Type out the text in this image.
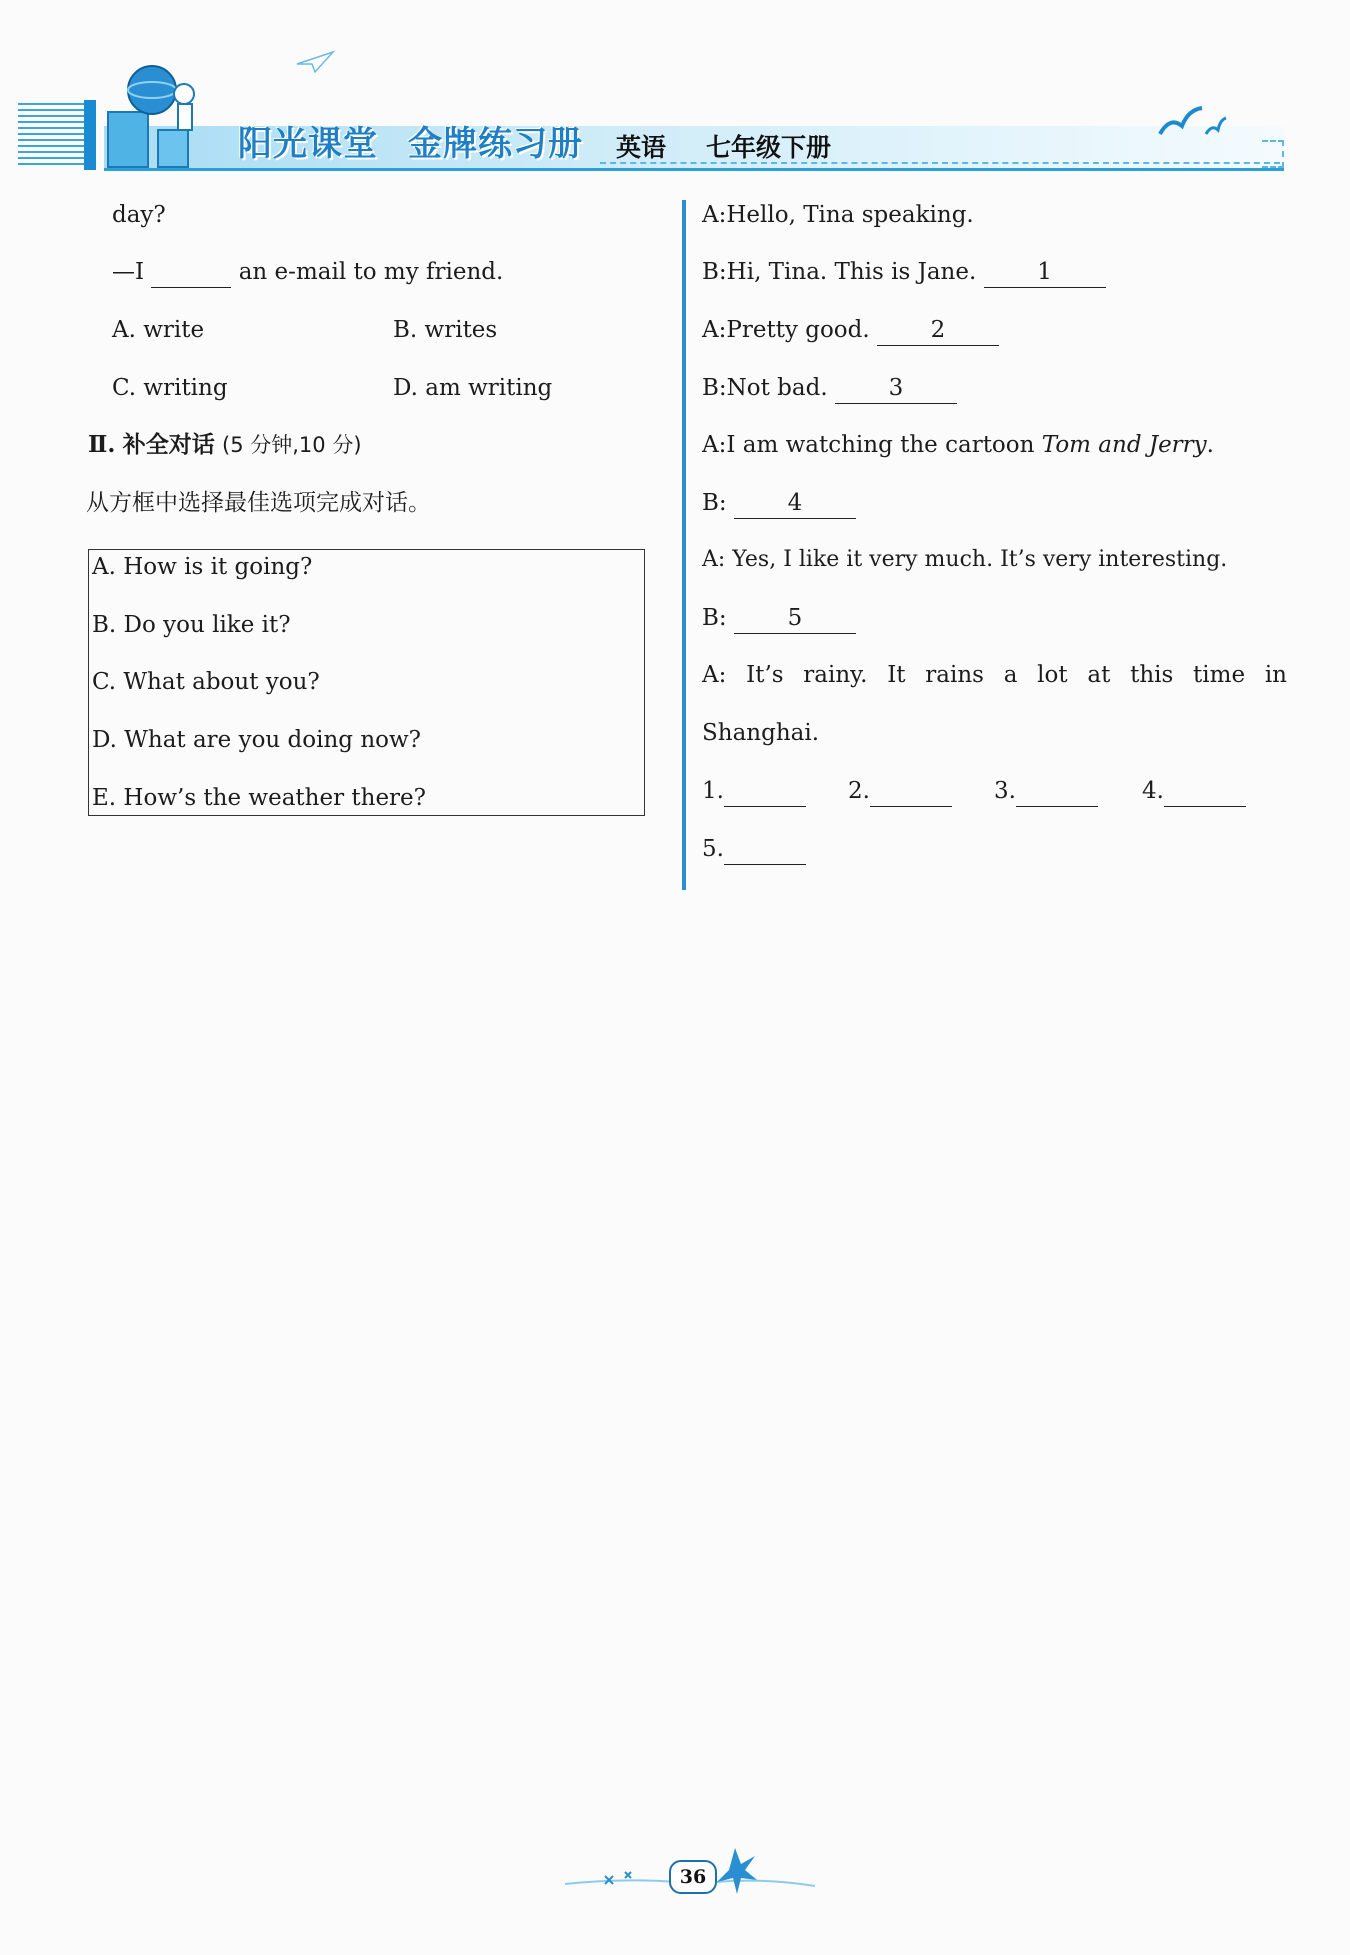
阳光课堂 金牌练习册 英语 七年级下册
day?
—I	an e-mail to my friend.
A. write	B. writes
C. writing	D. am writing
Ⅱ. 补全对话 (5 分钟,10 分)
从方框中选择最佳选项完成对话。
A. How is it going?
B. Do you like it?
C. What about you?
D. What are you doing now?
E. How’s the weather there?
A:Hello, Tina speaking.
B:Hi, Tina. This is Jane.	1
A:Pretty good.	2
B:Not bad.	3
A:I am watching the cartoon Tom and Jerry.
B:	4
A: Yes, I like it very much. It’s very interesting.
B:	5
A: It’s rainy. It rains a lot at this time in
Shanghai.
1.	2.	3.	4.
5.
36
